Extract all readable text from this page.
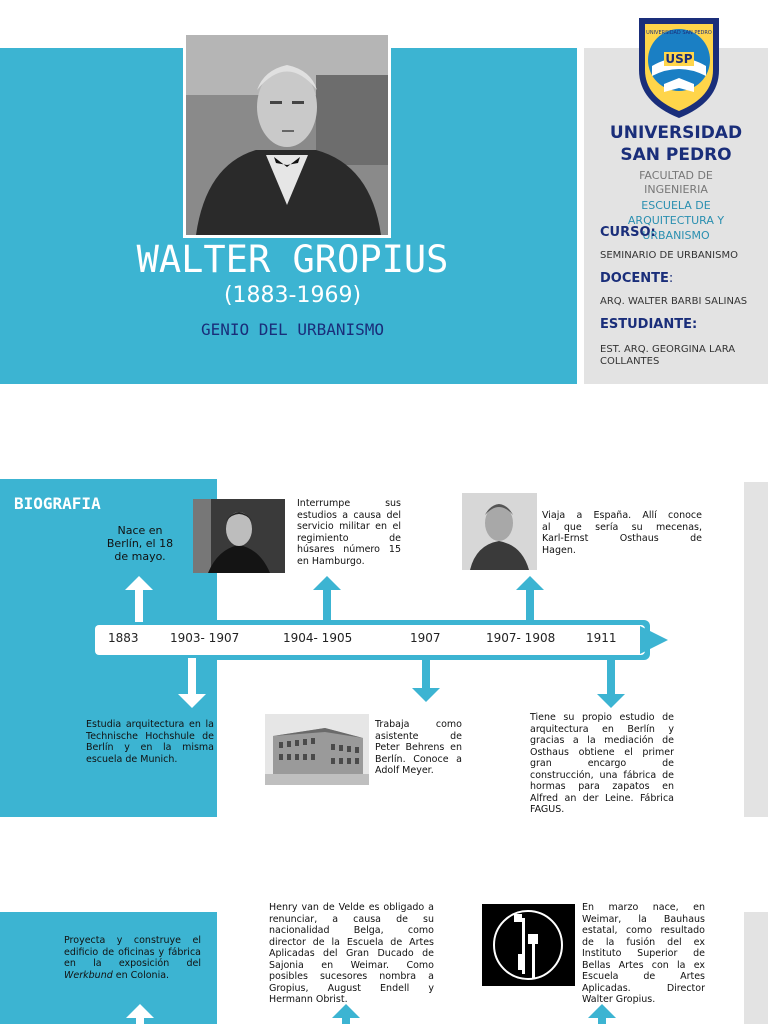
WALTER GROPIUS
(1883-1969)
GENIO DEL URBANISMO
USP
UNIVERSIDAD SAN PEDRO
UNIVERSIDAD
SAN PEDRO
FACULTAD DE
INGENIERIA
ESCUELA DE
ARQUITECTURA Y
URBANISMO
CURSO:
SEMINARIO DE URBANISMO
DOCENTE:
ARQ. WALTER BARBI SALINAS
ESTUDIANTE:
EST. ARQ. GEORGINA LARA
COLLANTES
BIOGRAFIA
Nace en
Berlín, el 18
de mayo.
Interrumpe sus
estudios a causa del
servicio militar en el
regimiento de
húsares número 15
en Hamburgo.
Viaja a España. Allí conoce
al que sería su mecenas,
Karl-Ernst Osthaus de
Hagen.
1883	1903- 1907	1904- 1905	1907	1907- 1908	1911
Estudia arquitectura en la
Technische Hochshule de
Berlín y en la misma
escuela de Munich.
Trabaja como
asistente de
Peter Behrens en
Berlín. Conoce a
Adolf Meyer.
Tiene su propio estudio de
arquitectura en Berlín y
gracias a la mediación de
Osthaus obtiene el primer
gran encargo de
construcción, una fábrica de
hormas para zapatos en
Alfred an der Leine. Fábrica
FAGUS.
Proyecta y construye el
edificio de oficinas y fábrica
en la exposición del
Werkbund en Colonia.
Henry van de Velde es obligado a
renunciar, a causa de su
nacionalidad Belga, como
director de la Escuela de Artes
Aplicadas del Gran Ducado de
Sajonia en Weimar. Como
posibles sucesores nombra a
Gropius, August Endell y
Hermann Obrist.
En marzo nace, en
Weimar, la Bauhaus
estatal, como resultado
de la fusión del ex
Instituto Superior de
Bellas Artes con la ex
Escuela de Artes
Aplicadas. Director
Walter Gropius.
